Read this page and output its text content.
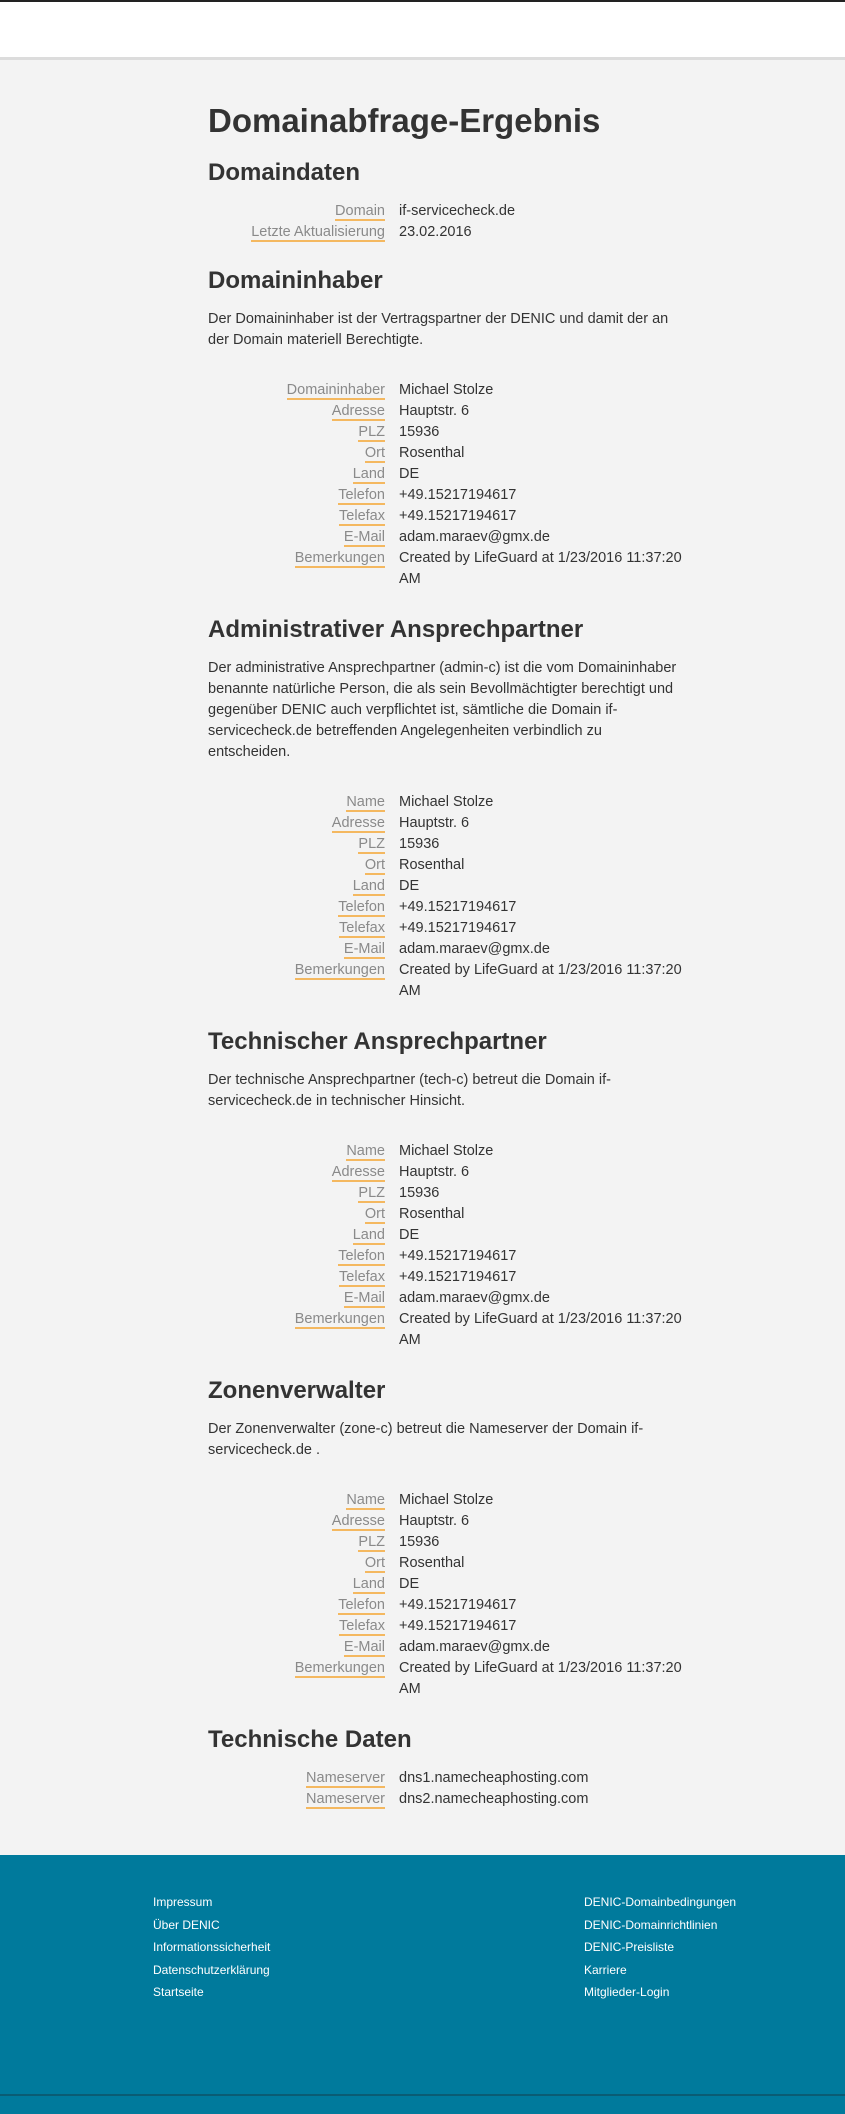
Domainabfrage-Ergebnis
Domaindaten
Domain if-servicecheck.de
Letzte Aktualisierung 23.02.2016
Domaininhaber

Der Domaininhaber ist der Vertragspartner der DENIC und damit der an der Domain materiell Berechtigte.

Domaininhaber Michael Stolze
Adresse Hauptstr. 6
PLZ 15936
Ort Rosenthal
Land DE
Telefon +49.15217194617
Telefax +49.15217194617
E-Mail adam.maraev@gmx.de
Bemerkungen Created by LifeGuard at 1/23/2016 11:37:20 AM
Administrativer Ansprechpartner

Der administrative Ansprechpartner (admin-c) ist die vom Domaininhaber benannte natürliche Person, die als sein Bevollmächtigter berechtigt und gegenüber DENIC auch verpflichtet ist, sämtliche die Domain if-servicecheck.de betreffenden Angelegenheiten verbindlich zu entscheiden.

Name Michael Stolze
Adresse Hauptstr. 6
PLZ 15936
Ort Rosenthal
Land DE
Telefon +49.15217194617
Telefax +49.15217194617
E-Mail adam.maraev@gmx.de
Bemerkungen Created by LifeGuard at 1/23/2016 11:37:20 AM
Technischer Ansprechpartner

Der technische Ansprechpartner (tech-c) betreut die Domain if-servicecheck.de in technischer Hinsicht.

Name Michael Stolze
Adresse Hauptstr. 6
PLZ 15936
Ort Rosenthal
Land DE
Telefon +49.15217194617
Telefax +49.15217194617
E-Mail adam.maraev@gmx.de
Bemerkungen Created by LifeGuard at 1/23/2016 11:37:20 AM
Zonenverwalter

Der Zonenverwalter (zone-c) betreut die Nameserver der Domain if-servicecheck.de .

Name Michael Stolze
Adresse Hauptstr. 6
PLZ 15936
Ort Rosenthal
Land DE
Telefon +49.15217194617
Telefax +49.15217194617
E-Mail adam.maraev@gmx.de
Bemerkungen Created by LifeGuard at 1/23/2016 11:37:20 AM
Technische Daten
Nameserver dns1.namecheaphosting.com
Nameserver dns2.namecheaphosting.com
Impressum
Über DENIC
Informationssicherheit
Datenschutzerklärung
Startseite
DENIC-Domainbedingungen
DENIC-Domainrichtlinien
DENIC-Preisliste
Karriere
Mitglieder-Login
